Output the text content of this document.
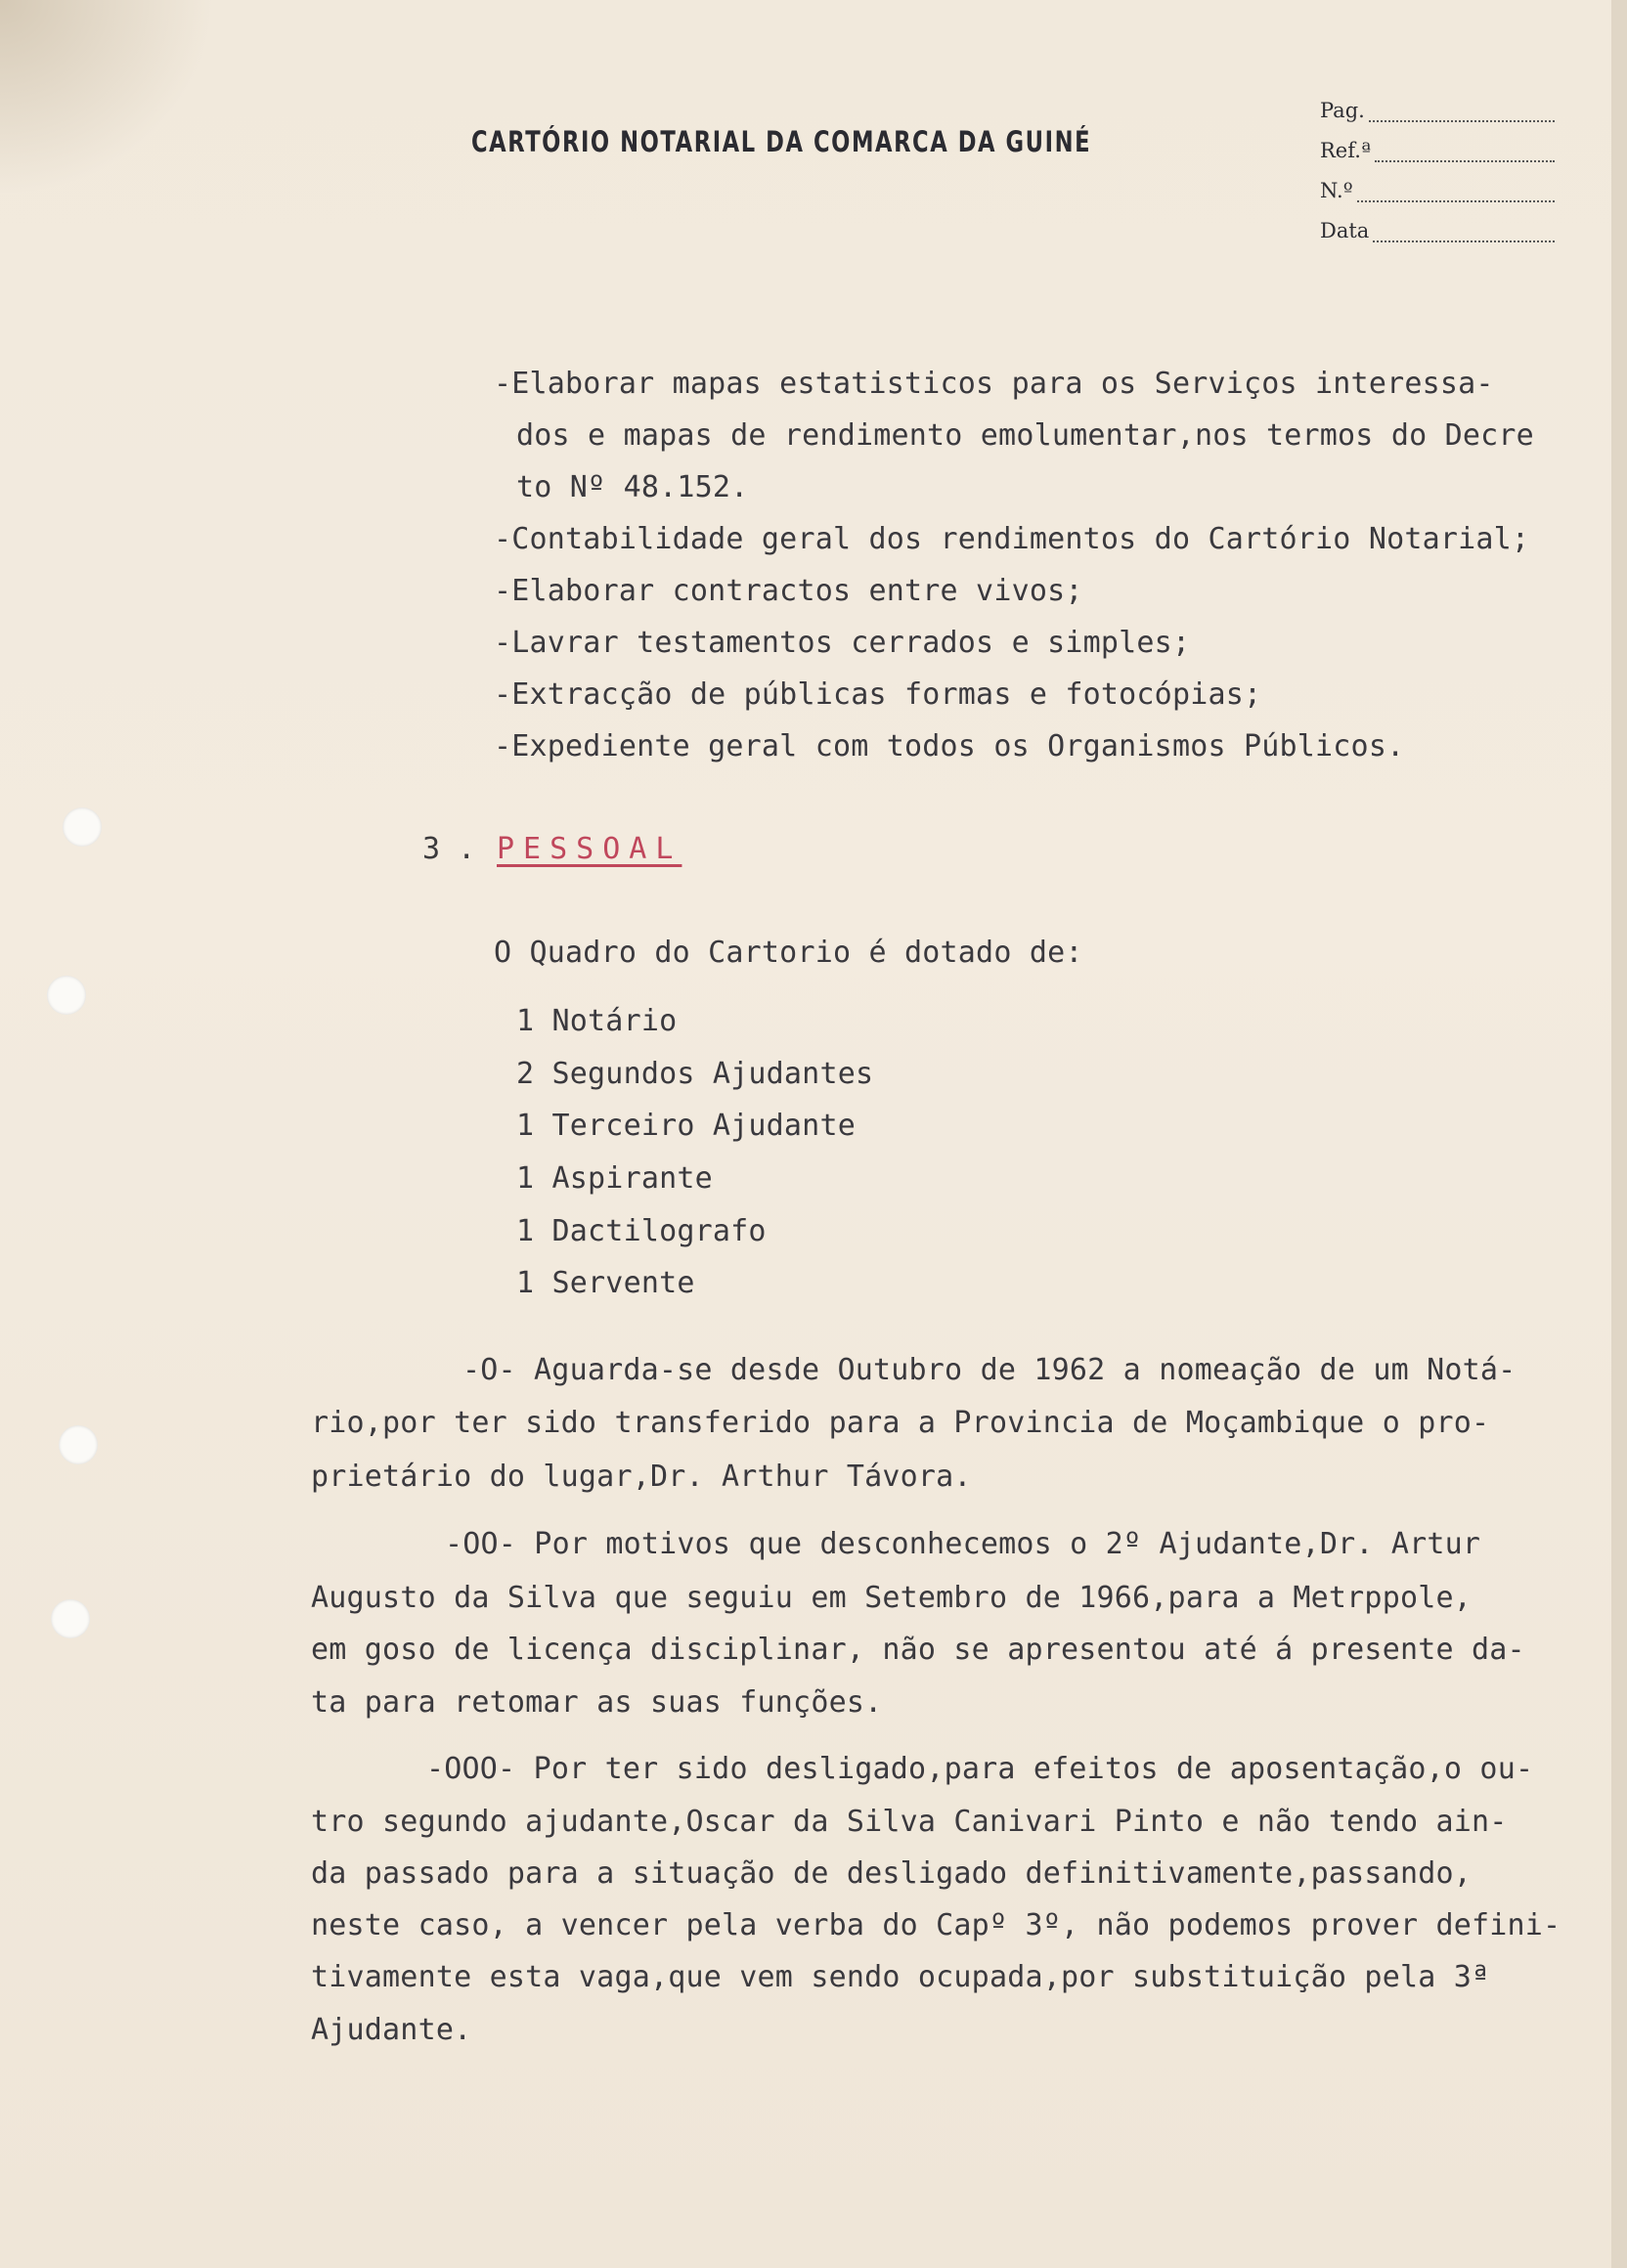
CARTÓRIO NOTARIAL DA COMARCA DA GUINÉ
Pag.
Ref.ª
N.º
Data
-Elaborar mapas estatisticos para os Serviços interessa-
dos e mapas de rendimento emolumentar,nos termos do Decre
to Nº 48.152.
-Contabilidade geral dos rendimentos do Cartório Notarial;
-Elaborar contractos entre vivos;
-Lavrar testamentos cerrados e simples;
-Extracção de públicas formas e fotocópias;
-Expediente geral com todos os Organismos Públicos.
3 . PESSOAL
O Quadro do Cartorio é dotado de:
1 Notário
2 Segundos Ajudantes
1 Terceiro Ajudante
1 Aspirante
1 Dactilografo
1 Servente
-O- Aguarda-se desde Outubro de 1962 a nomeação de um Notá-
rio,por ter sido transferido para a Provincia de Moçambique o pro-
prietário do lugar,Dr. Arthur Távora.
-OO- Por motivos que desconhecemos o 2º Ajudante,Dr. Artur
Augusto da Silva que seguiu em Setembro de 1966,para a Metrppole,
em goso de licença disciplinar, não se apresentou até á presente da-
ta para retomar as suas funções.
-OOO- Por ter sido desligado,para efeitos de aposentação,o ou-
tro segundo ajudante,Oscar da Silva Canivari Pinto e não tendo ain-
da passado para a situação de desligado definitivamente,passando,
neste caso, a vencer pela verba do Capº 3º, não podemos prover defini-
tivamente esta vaga,que vem sendo ocupada,por substituição pela 3ª
Ajudante.
